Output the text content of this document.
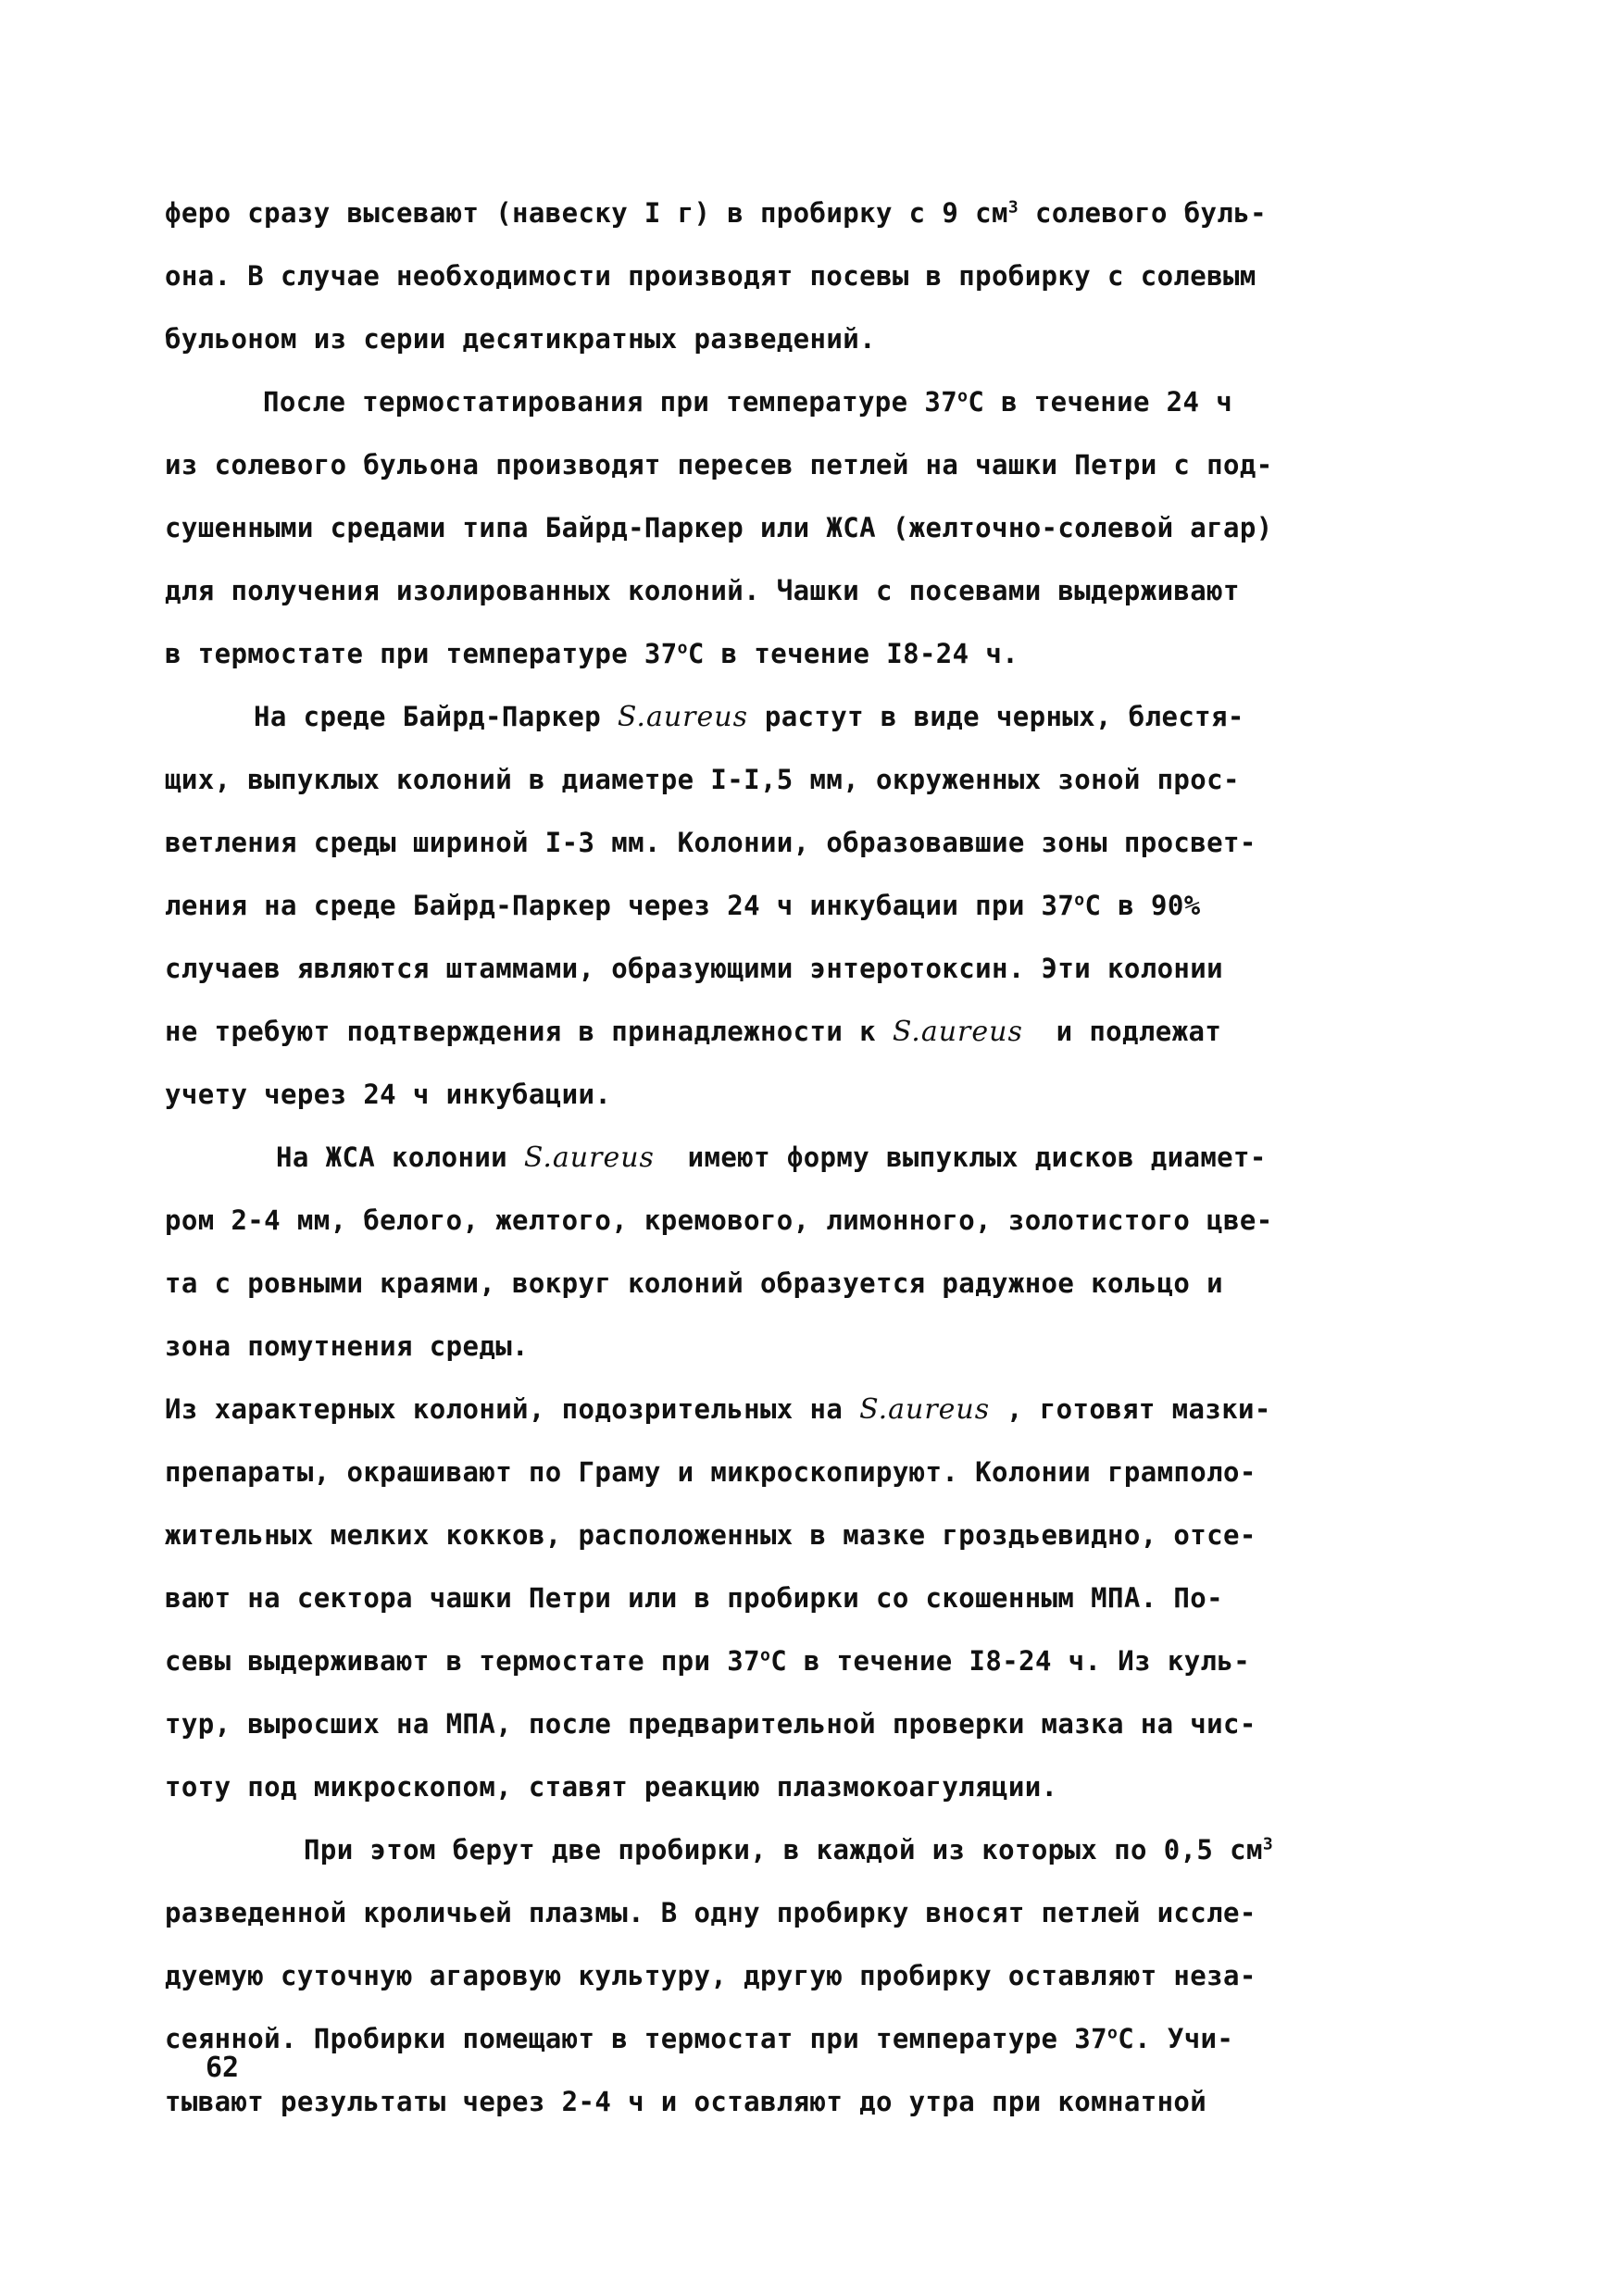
феро сразу высевают (навеску I г) в пробирку с 9 $см^3$ солевого буль-
она. В случае необходимости производят посевы в пробирку с солевым
бульоном из серии десятикратных разведений.
После термостатирования при температуре $37^оС$ в течение 24 ч
из солевого бульона производят пересев петлей на чашки Петри с под-
сушенными средами типа Байрд-Паркер или ЖСА (желточно-солевой агар)
для получения изолированных колоний. Чашки с посевами выдерживают
в термостате при температуре $37^оС$ в течение I8-24 ч.
На среде Байрд-Паркер S.aureus растут в виде черных, блестя-
щих, выпуклых колоний в диаметре I-I,5 мм, окруженных зоной прос-
ветления среды шириной I-3 мм. Колонии, образовавшие зоны просвет-
ления на среде Байрд-Паркер через 24 ч инкубации при $37^оС$ в 90%
случаев являются штаммами, образующими энтеротоксин. Эти колонии
не требуют подтверждения в принадлежности к S.aureus  и подлежат
учету через 24 ч инкубации.
На ЖСА колонии S.aureus  имеют форму выпуклых дисков диамет-
ром 2-4 мм, белого, желтого, кремового, лимонного, золотистого цве-
та с ровными краями, вокруг колоний образуется радужное кольцо и
зона помутнения среды.
Из характерных колоний, подозрительных на S.aureus , готовят мазки-
препараты, окрашивают по Граму и микроскопируют. Колонии грамполо-
жительных мелких кокков, расположенных в мазке гроздьевидно, отсе-
вают на сектора чашки Петри или в пробирки со скошенным МПА. По-
севы выдерживают в термостате при $37^оС$ в течение I8-24 ч. Из куль-
тур, выросших на МПА, после предварительной проверки мазка на чис-
тоту под микроскопом, ставят реакцию плазмокоагуляции.
При этом берут две пробирки, в каждой из которых по 0,5 $см^3$
разведенной кроличьей плазмы. В одну пробирку вносят петлей иссле-
дуемую суточную агаровую культуру, другую пробирку оставляют неза-
сеянной. Пробирки помещают в термостат при температуре $37^оС$. Учи-
тывают результаты через 2-4 ч и оставляют до утра при комнатной
62
